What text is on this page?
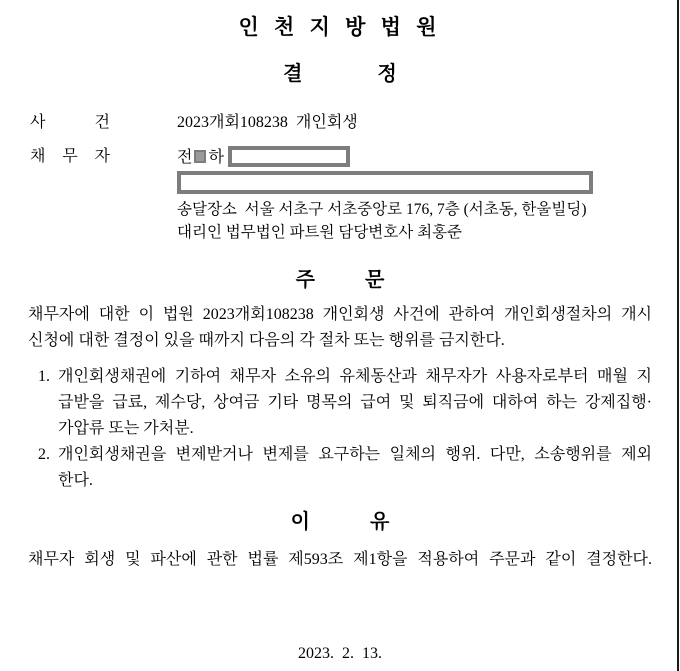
인 천 지 방 법 원
결               정
사 건	2023개회108238  개인회생
채 무 자	전 하
송달장소  서울 서초구 서초중앙로 176, 7층 (서초동, 한울빌딩)
대리인 법무법인 파트원 담당변호사 최홍준
주          문
채무자에 대한 이 법원 2023개회108238 개인회생 사건에 관하여 개인회생절차의 개시
신청에 대한 결정이 있을 때까지 다음의 각 절차 또는 행위를 금지한다.
1. 개인회생채권에 기하여 채무자 소유의 유체동산과 채무자가 사용자로부터 매월 지
급받을 급료, 제수당, 상여금 기타 명목의 급여 및 퇴직금에 대하여 하는 강제집행·
가압류 또는 가처분.
2. 개인회생채권을 변제받거나 변제를 요구하는 일체의 행위. 다만, 소송행위를 제외
한다.
이            유
채무자 회생 및 파산에 관한 법률 제593조 제1항을 적용하여 주문과 같이 결정한다.
2023.  2.  13.
